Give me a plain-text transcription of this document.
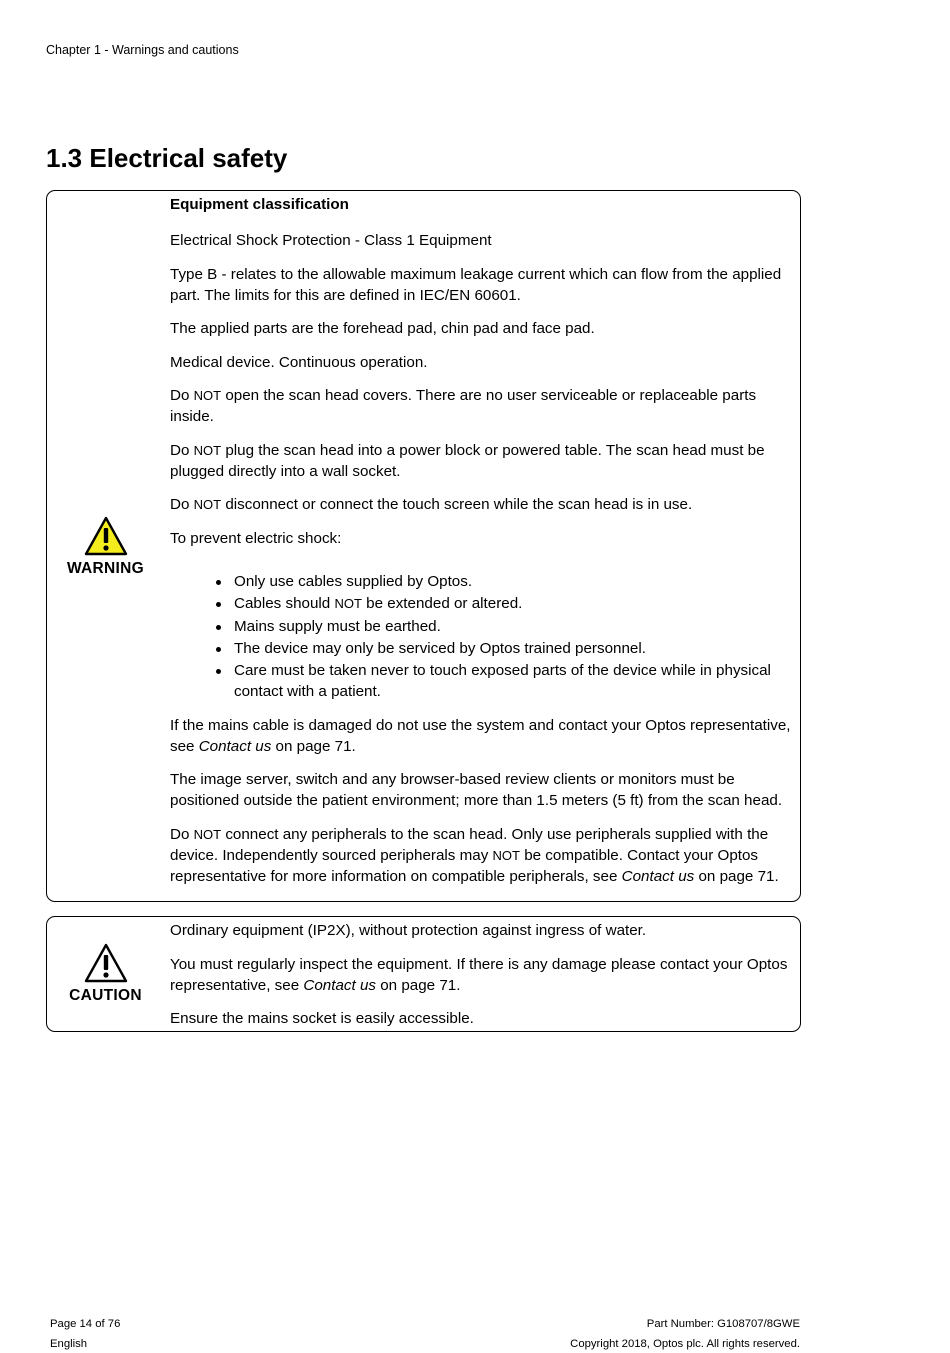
Chapter 1 - Warnings and cautions
1.3 Electrical safety
WARNING

Equipment classification

Electrical Shock Protection - Class 1 Equipment

Type B - relates to the allowable maximum leakage current which can flow from the applied part. The limits for this are defined in IEC/EN 60601.

The applied parts are the forehead pad, chin pad and face pad.

Medical device. Continuous operation.

Do NOT open the scan head covers. There are no user serviceable or replaceable parts inside.

Do NOT plug the scan head into a power block or powered table. The scan head must be plugged directly into a wall socket.

Do NOT disconnect or connect the touch screen while the scan head is in use.

To prevent electric shock:

Only use cables supplied by Optos.
Cables should NOT be extended or altered.
Mains supply must be earthed.
The device may only be serviced by Optos trained personnel.
Care must be taken never to touch exposed parts of the device while in physical contact with a patient.

If the mains cable is damaged do not use the system and contact your Optos representative, see Contact us on page 71.

The image server, switch and any browser-based review clients or monitors must be positioned outside the patient environment; more than 1.5 meters (5 ft) from the scan head.

Do NOT connect any peripherals to the scan head. Only use peripherals supplied with the device. Independently sourced peripherals may NOT be compatible. Contact your Optos representative for more information on compatible peripherals, see Contact us on page 71.

CAUTION

Ordinary equipment (IP2X), without protection against ingress of water.

You must regularly inspect the equipment. If there is any damage please contact your Optos representative, see Contact us on page 71.

Ensure the mains socket is easily accessible.

Page 14 of 76
English
Part Number: G108707/8GWE
Copyright 2018, Optos plc. All rights reserved.
